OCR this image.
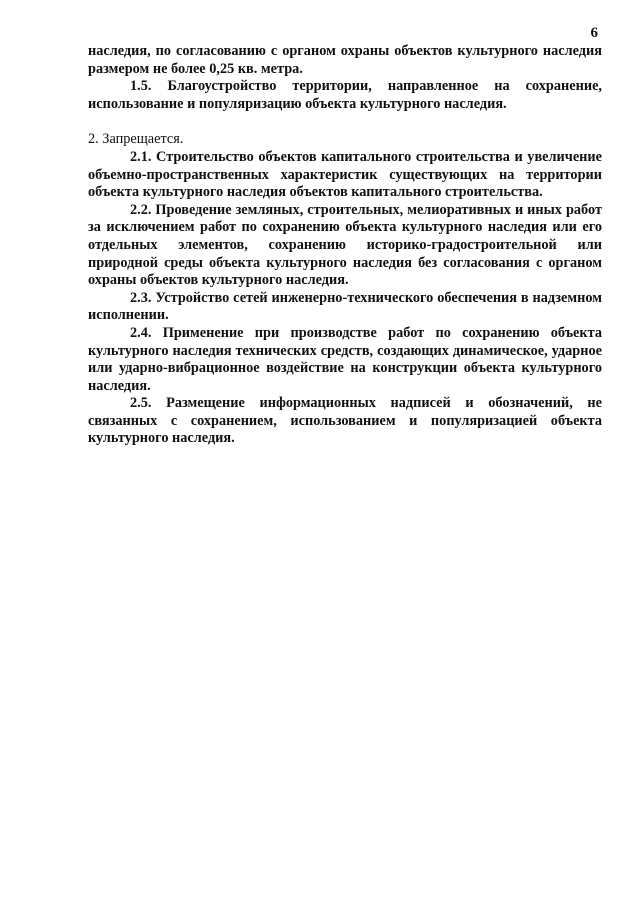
6

наследия, по согласованию с органом охраны объектов культурного наследия размером не более 0,25 кв. метра.

1.5. Благоустройство территории, направленное на сохранение, использование и популяризацию объекта культурного наследия.

2. Запрещается.

2.1. Строительство объектов капитального строительства и увеличение объемно-пространственных характеристик существующих на территории объекта культурного наследия объектов капитального строительства.

2.2. Проведение земляных, строительных, мелиоративных и иных работ за исключением работ по сохранению объекта культурного наследия или его отдельных элементов, сохранению историко-градостроительной или природной среды объекта культурного наследия без согласования с органом охраны объектов культурного наследия.

2.3. Устройство сетей инженерно-технического обеспечения в надземном исполнении.

2.4. Применение при производстве работ по сохранению объекта культурного наследия технических средств, создающих динамическое, ударное или ударно-вибрационное воздействие на конструкции объекта культурного наследия.

2.5. Размещение информационных надписей и обозначений, не связанных с сохранением, использованием и популяризацией объекта культурного наследия.
